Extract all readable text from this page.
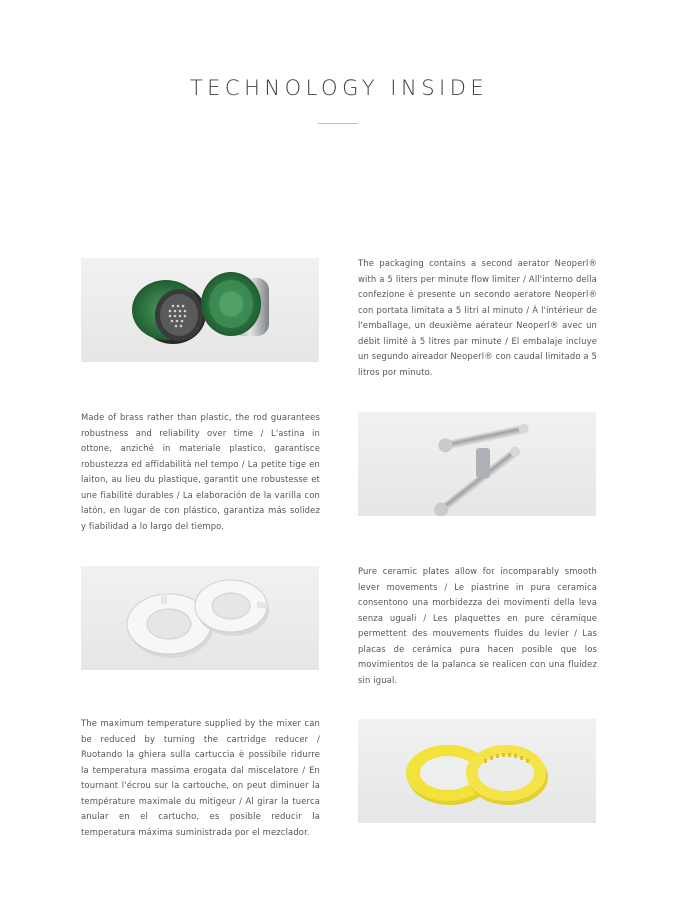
TECHNOLOGY INSIDE
The packaging contains a second aerator Neoperl® with a 5 liters per minute flow limiter / All'interno della confezione è presente un secondo aeratore Neoperl® con portata limitata a 5 litri al minuto / À l'intérieur de l'emballage, un deuxième aérateur Neoperl® avec un débit limité à 5 litres par minute / El embalaje incluye un segundo aireador Neoperl® con caudal limitado a 5 litros por minuto.
Made of brass rather than plastic, the rod guarantees robustness and reliability over time / L'astina in ottone, anziché in materiale plastico, garantisce robustezza ed affidabilità nel tempo / La petite tige en laiton, au lieu du plastique, garantit une robustesse et une fiabilité durables / La elaboración de la varilla con latón, en lugar de con plástico, garantiza más solidez y fiabilidad a lo largo del tiempo.
Pure ceramic plates allow for incomparably smooth lever movements / Le piastrine in pura ceramica consentono una morbidezza dei movimenti della leva senza uguali / Les plaquettes en pure céramique permettent des mouvements fluides du levier / Las placas de cerámica pura hacen posible que los movimientos de la palanca se realicen con una fluidez sin igual.
The maximum temperature supplied by the mixer can be reduced by turning the cartridge reducer / Ruotando la ghiera sulla cartuccia è possibile ridurre la temperatura massima erogata dal miscelatore / En tournant l'écrou sur la cartouche, on peut diminuer la température maximale du mitigeur / Al girar la tuerca anular en el cartucho, es posible reducir la temperatura máxima suministrada por el mezclador.
